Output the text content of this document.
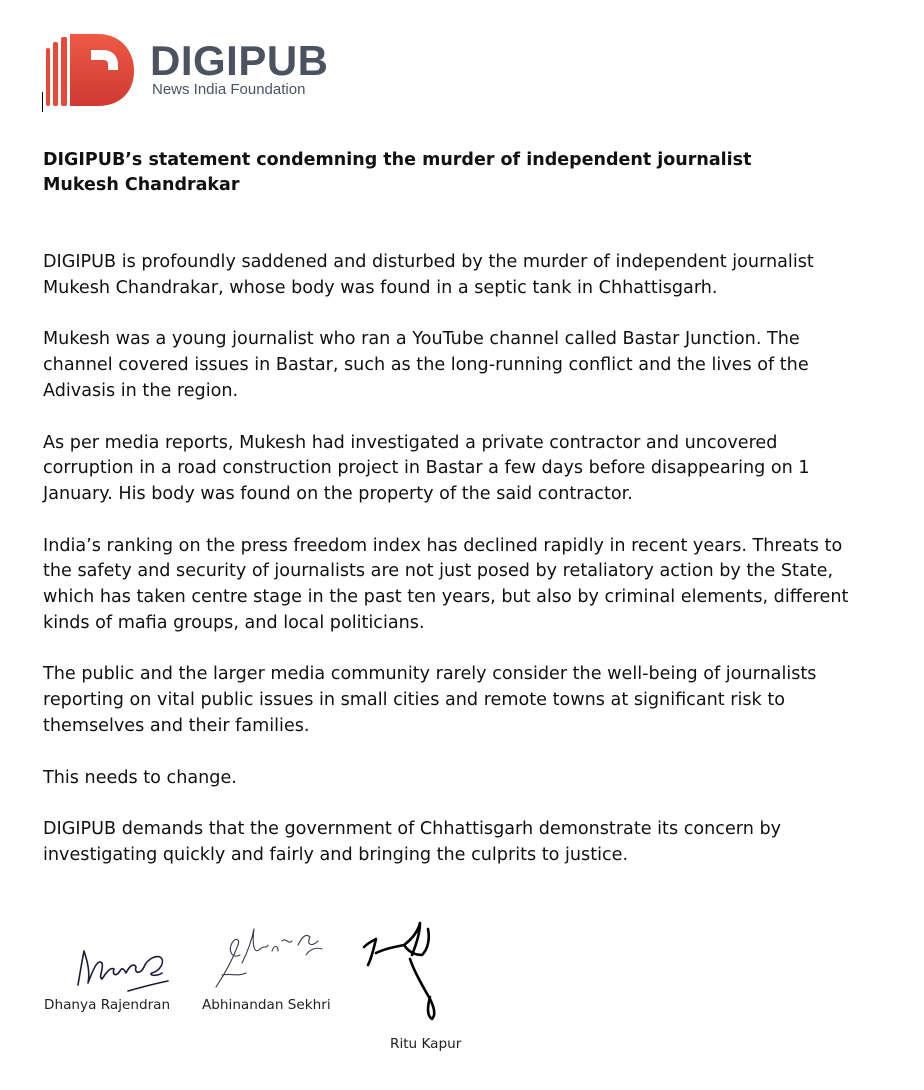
DIGIPUB
News India Foundation
DIGIPUB’s statement condemning the murder of independent journalist Mukesh Chandrakar

DIGIPUB is profoundly saddened and disturbed by the murder of independent journalist Mukesh Chandrakar, whose body was found in a septic tank in Chhattisgarh.

Mukesh was a young journalist who ran a YouTube channel called Bastar Junction. The channel covered issues in Bastar, such as the long-running conflict and the lives of the Adivasis in the region.

As per media reports, Mukesh had investigated a private contractor and uncovered corruption in a road construction project in Bastar a few days before disappearing on 1 January. His body was found on the property of the said contractor.

India’s ranking on the press freedom index has declined rapidly in recent years. Threats to the safety and security of journalists are not just posed by retaliatory action by the State, which has taken centre stage in the past ten years, but also by criminal elements, different kinds of mafia groups, and local politicians.

The public and the larger media community rarely consider the well-being of journalists reporting on vital public issues in small cities and remote towns at significant risk to themselves and their families.

This needs to change.

DIGIPUB demands that the government of Chhattisgarh demonstrate its concern by investigating quickly and fairly and bringing the culprits to justice.

Dhanya Rajendran Abhinandan Sekhri
Ritu Kapur
